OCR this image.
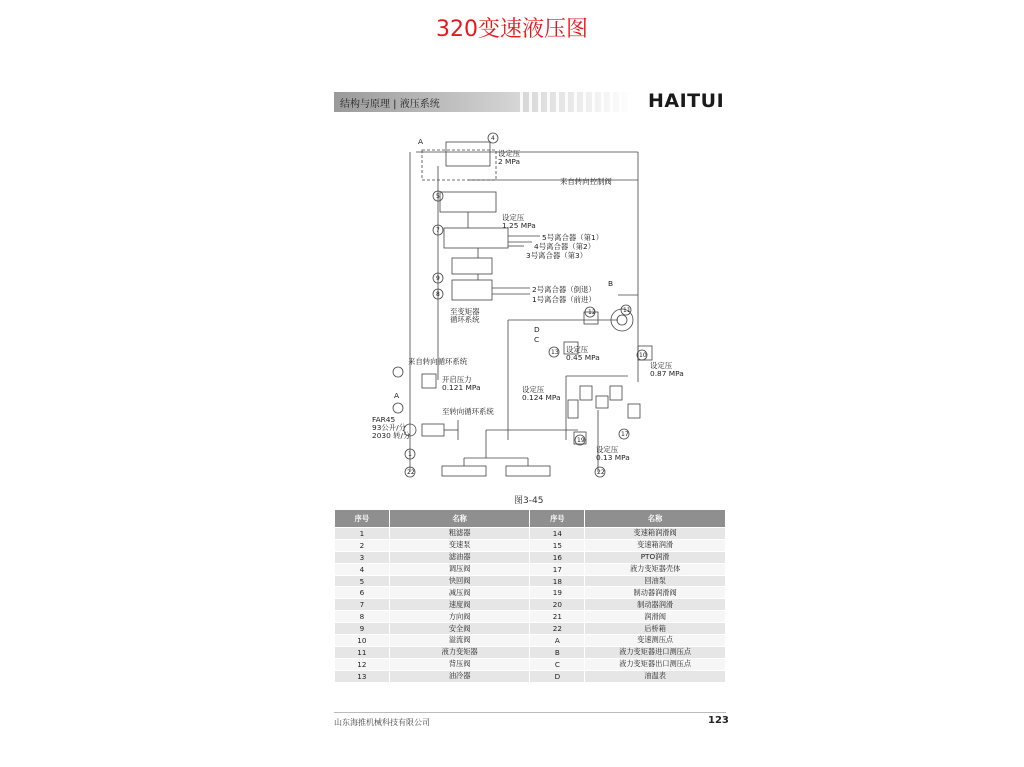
320变速液压图
结构与原理 | 液压系统	HAITUI
4
5
7
9
8
12	11
13	10
19
17
1
22	22
A
设定压 2 MPa
来自转向控制阀
设定压 1.25 MPa
5号离合器（第1）
4号离合器（第2）
3号离合器（第3）
2号离合器（倒退）
1号离合器（前进）
至变矩器循环系统
B
D
C
设定压 0.45 MPa
来自转向循环系统	设定压 0.87 MPa
开启压力 0.121 MPa	设定压 0.124 MPa
A
至转向循环系统
FAR45 93公升/分 2030 转/分
设定压 0.13 MPa
图3-45
序号	名称	序号	名称
1	粗滤器	14	变速箱润滑阀
2	变速泵	15	变速箱润滑
3	滤油器	16	PTO润滑
4	调压阀	17	液力变矩器壳体
5	快回阀	18	回油泵
6	减压阀	19	制动器润滑阀
7	速度阀	20	制动器润滑
8	方向阀	21	润滑阀
9	安全阀	22	后桥箱
10	溢流阀	A	变速测压点
11	液力变矩器	B	液力变矩器进口测压点
12	背压阀	C	液力变矩器出口测压点
13	油冷器	D	油温表
山东海推机械科技有限公司	123
